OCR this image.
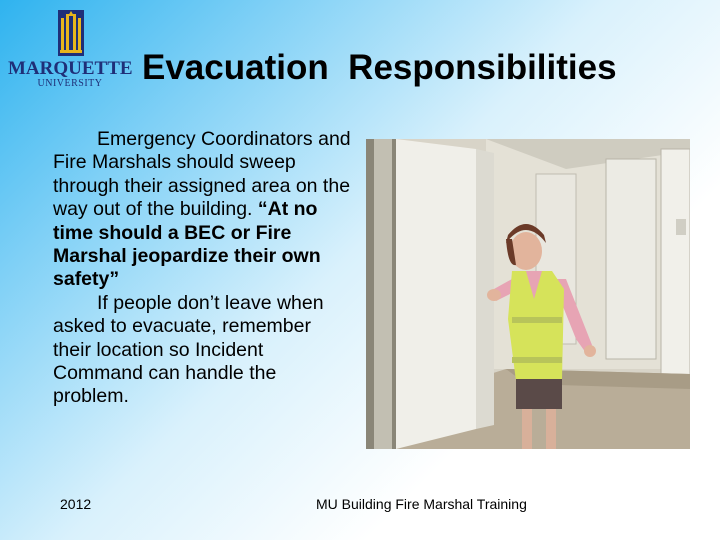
MARQUETTE
UNIVERSITY	Evacuation  Responsibilities

Emergency Coordinators and Fire Marshals should sweep through their assigned area on the way out of the building. “At no time should a BEC or Fire Marshal jeopardize their own safety”

If people don’t leave when asked to evacuate, remember their location so Incident Command can handle the problem.

2012	MU Building Fire Marshal Training
